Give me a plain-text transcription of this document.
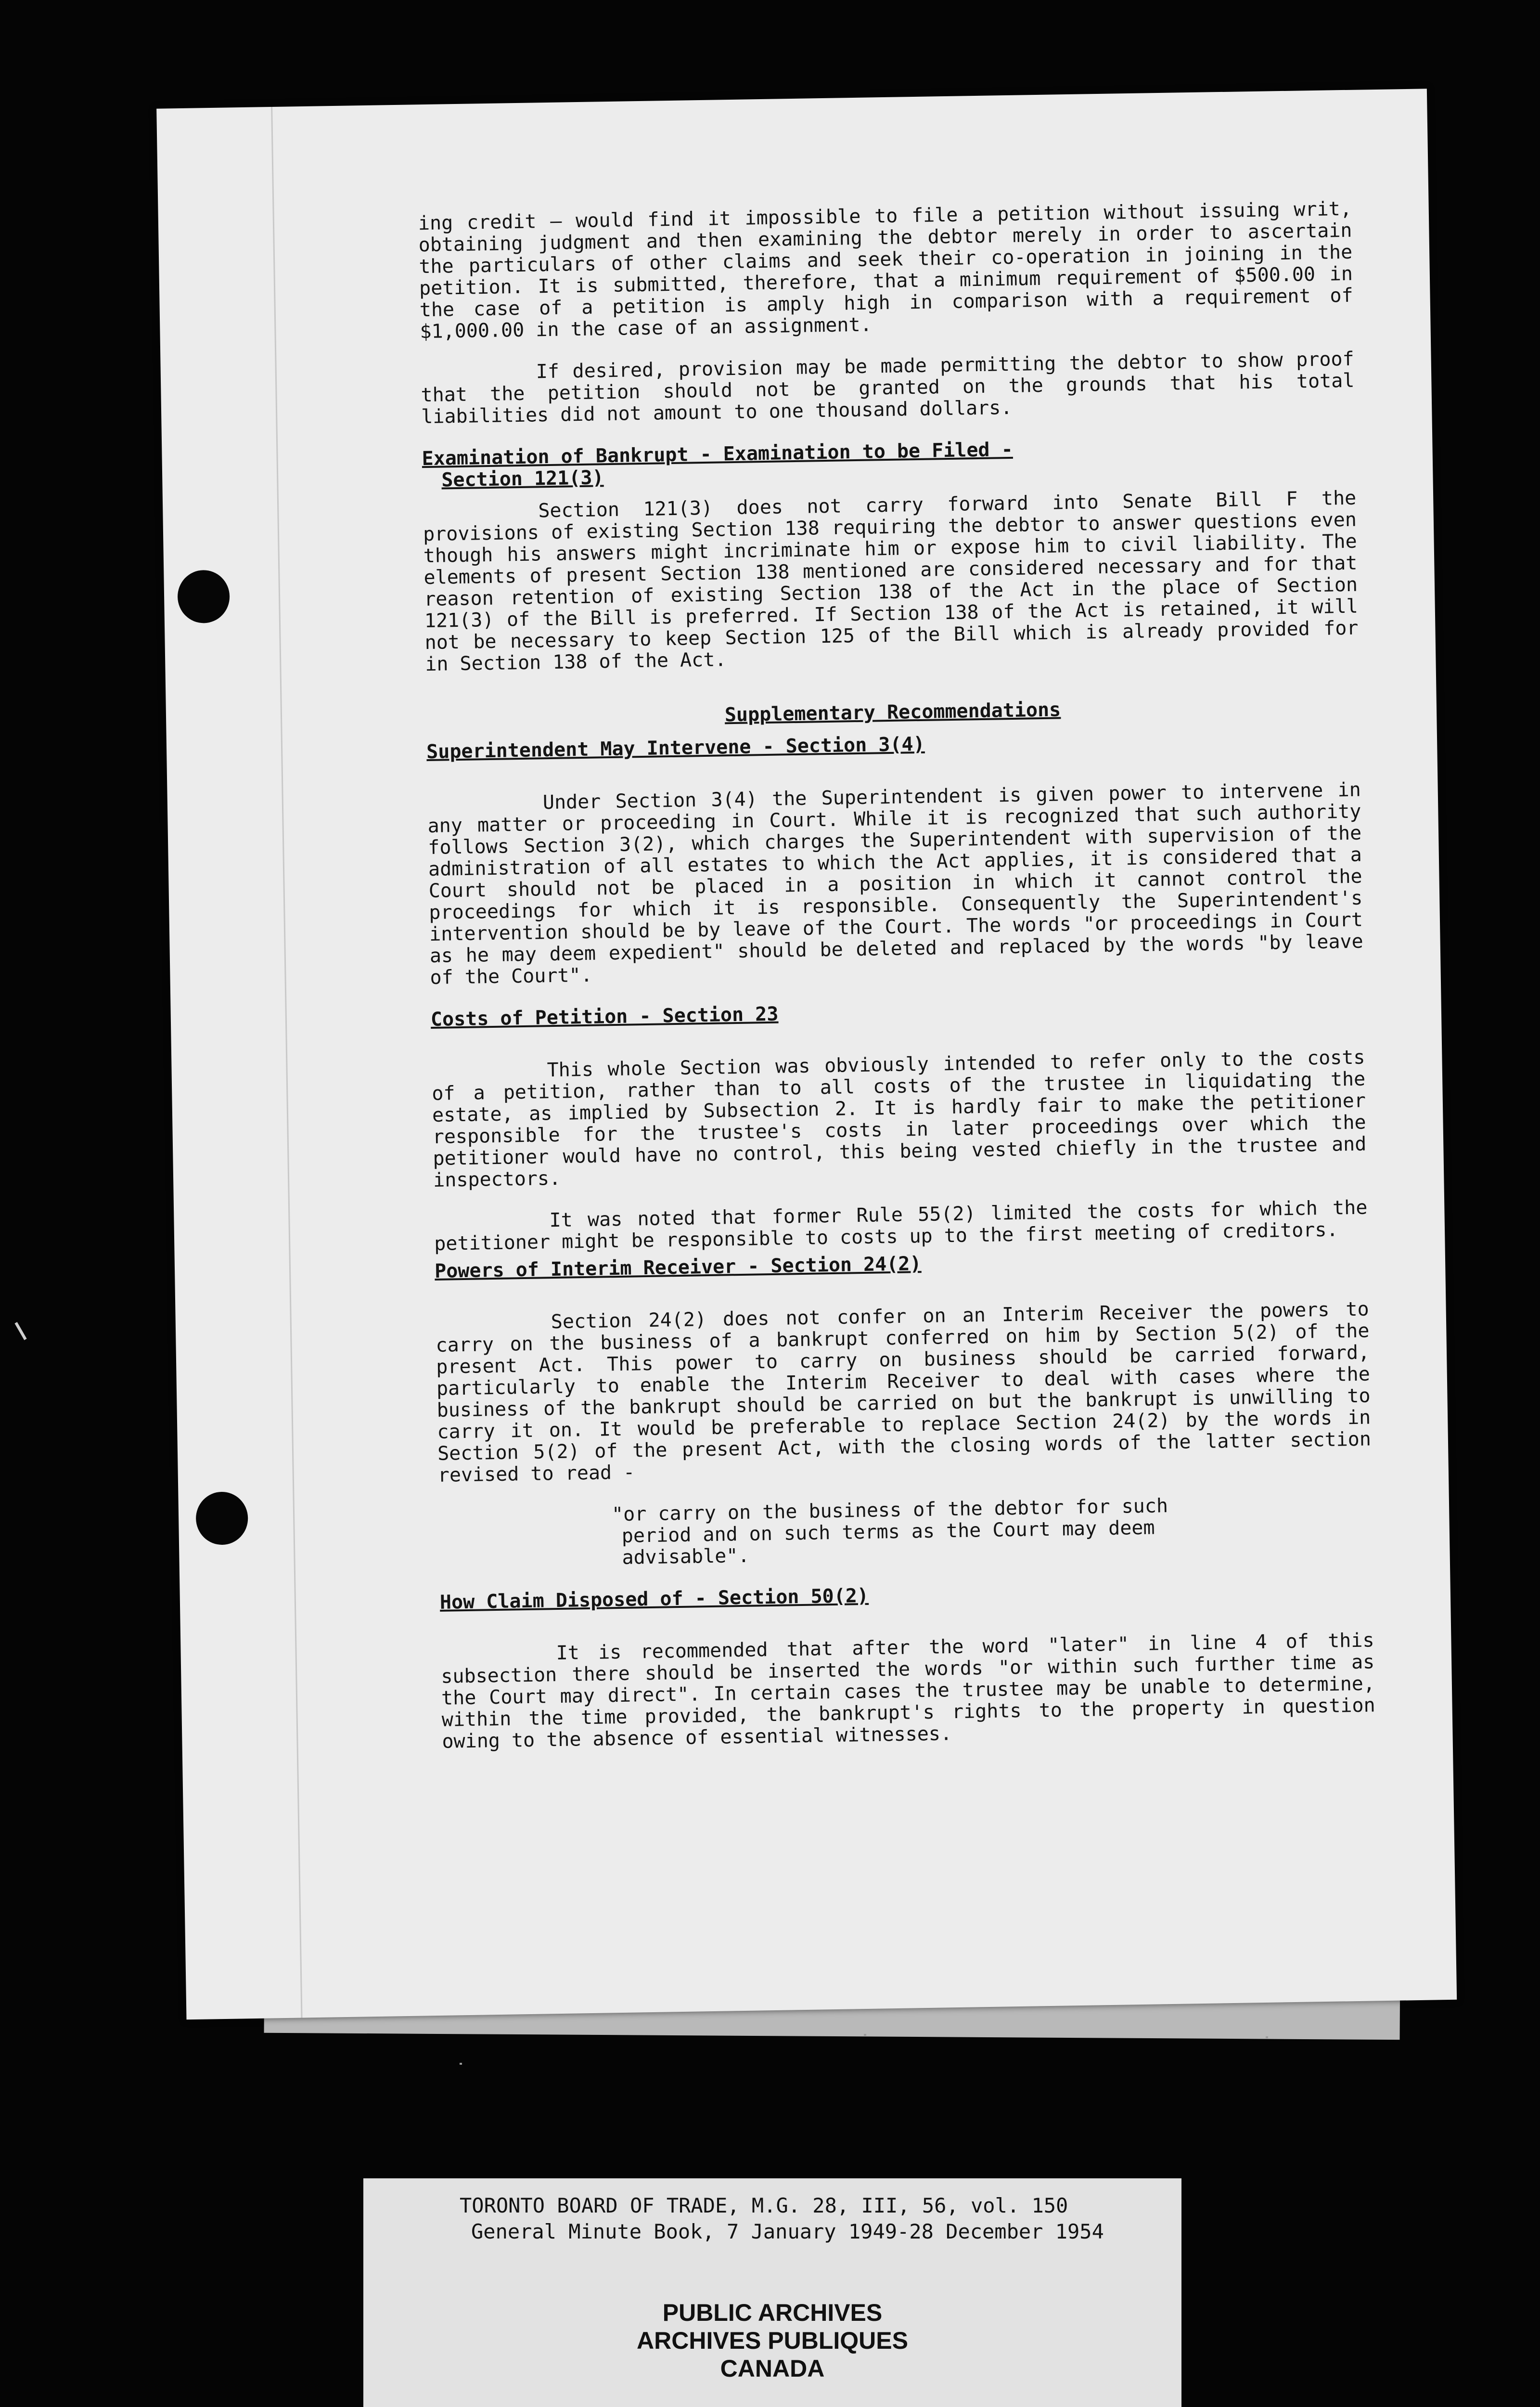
ing credit — would find it impossible to file a petition without issuing writ, obtaining judgment and then examining the debtor merely in order to ascertain the particulars of other claims and seek their co-operation in joining in the petition. It is submitted, therefore, that a minimum requirement of $500.00 in the case of a petition is amply high in comparison with a requirement of $1,000.00 in the case of an assignment.

If desired, provision may be made permitting the debtor to show proof that the petition should not be granted on the grounds that his total liabilities did not amount to one thousand dollars.

Examination of Bankrupt - Examination to be Filed -
Section 121(3)

Section 121(3) does not carry forward into Senate Bill F the provisions of existing Section 138 requiring the debtor to answer questions even though his answers might incriminate him or expose him to civil liability. The elements of present Section 138 mentioned are considered necessary and for that reason retention of existing Section 138 of the Act in the place of Section 121(3) of the Bill is preferred. If Section 138 of the Act is retained, it will not be necessary to keep Section 125 of the Bill which is already provided for in Section 138 of the Act.

Supplementary Recommendations
Superintendent May Intervene - Section 3(4)

Under Section 3(4) the Superintendent is given power to intervene in any matter or proceeding in Court. While it is recognized that such authority follows Section 3(2), which charges the Superintendent with supervision of the administration of all estates to which the Act applies, it is considered that a Court should not be placed in a position in which it cannot control the proceedings for which it is responsible. Consequently the Superintendent's intervention should be by leave of the Court. The words "or proceedings in Court as he may deem expedient" should be deleted and replaced by the words "by leave of the Court".

Costs of Petition - Section 23

This whole Section was obviously intended to refer only to the costs of a petition, rather than to all costs of the trustee in liquidating the estate, as implied by Subsection 2. It is hardly fair to make the petitioner responsible for the trustee's costs in later proceedings over which the petitioner would have no control, this being vested chiefly in the trustee and inspectors.

It was noted that former Rule 55(2) limited the costs for which the petitioner might be responsible to costs up to the first meeting of creditors.

Powers of Interim Receiver - Section 24(2)

Section 24(2) does not confer on an Interim Receiver the powers to carry on the business of a bankrupt conferred on him by Section 5(2) of the present Act. This power to carry on business should be carried forward, particularly to enable the Interim Receiver to deal with cases where the business of the bankrupt should be carried on but the bankrupt is unwilling to carry it on. It would be preferable to replace Section 24(2) by the words in Section 5(2) of the present Act, with the closing words of the latter section revised to read -

"or carry on the business of the debtor for such
period and on such terms as the Court may deem
advisable".
How Claim Disposed of - Section 50(2)

It is recommended that after the word "later" in line 4 of this subsection there should be inserted the words "or within such further time as the Court may direct". In certain cases the trustee may be unable to determine, within the time provided, the bankrupt's rights to the property in question owing to the absence of essential witnesses.

TORONTO BOARD OF TRADE, M.G. 28, III, 56, vol. 150
General Minute Book, 7 January 1949-28 December 1954
PUBLIC ARCHIVES
ARCHIVES PUBLIQUES
CANADA
